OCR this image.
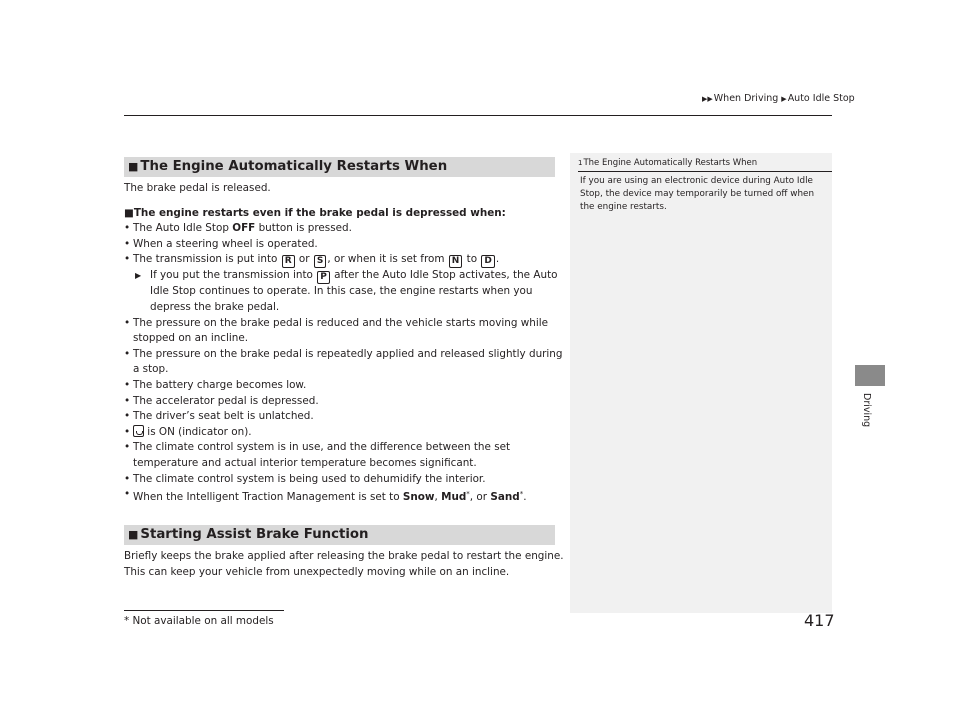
▶▶When Driving ▶Auto Idle Stop
Driving
■ The Engine Automatically Restarts When
The brake pedal is released.
■The engine restarts even if the brake pedal is depressed when:
• The Auto Idle Stop OFF button is pressed.
• When a steering wheel is operated.
• The transmission is put into R or S , or when it is set from N to D .
▶ If you put the transmission into P after the Auto Idle Stop activates, the Auto
Idle Stop continues to operate. In this case, the engine restarts when you
depress the brake pedal.
• The pressure on the brake pedal is reduced and the vehicle starts moving while
stopped on an incline.
• The pressure on the brake pedal is repeatedly applied and released slightly during
a stop.
• The battery charge becomes low.
• The accelerator pedal is depressed.
• The driver’s seat belt is unlatched.
• is ON (indicator on).
• The climate control system is in use, and the difference between the set
temperature and actual interior temperature becomes significant.
• The climate control system is being used to dehumidify the interior.
• When the Intelligent Traction Management is set to Snow, Mud*, or Sand*.
■ Starting Assist Brake Function
Briefly keeps the brake applied after releasing the brake pedal to restart the engine.
This can keep your vehicle from unexpectedly moving while on an incline.
1The Engine Automatically Restarts When
If you are using an electronic device during Auto Idle
Stop, the device may temporarily be turned off when
the engine restarts.
* Not available on all models	417
